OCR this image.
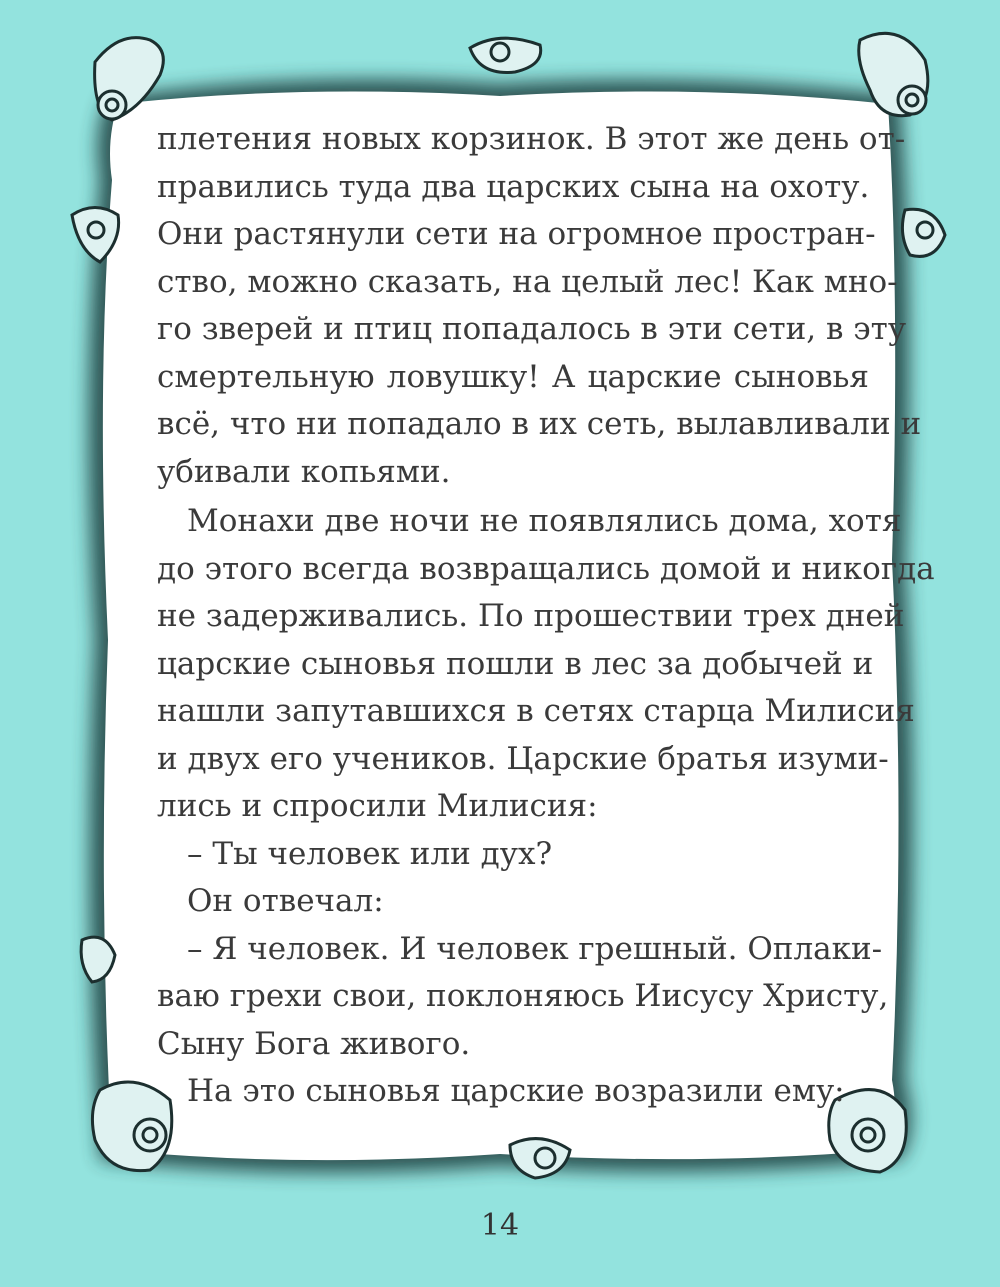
плетения новых корзинок. В этот же день от-
правились туда два царских сына на охоту.
Они растянули сети на огромное простран-
ство, можно сказать, на целый лес! Как мно-
го зверей и птиц попадалось в эти сети, в эту
смертельную ловушку! А царские сыновья
всё, что ни попадало в их сеть, вылавливали и
убивали копьями.
Монахи две ночи не появлялись дома, хотя
до этого всегда возвращались домой и никогда
не задерживались. По прошествии трех дней
царские сыновья пошли в лес за добычей и
нашли запутавшихся в сетях старца Милисия
и двух его учеников. Царские братья изуми-
лись и спросили Милисия:
– Ты человек или дух?
Он отвечал:
– Я человек. И человек грешный. Оплаки-
ваю грехи свои, поклоняюсь Иисусу Христу,
Сыну Бога живого.
На это сыновья царские возразили ему:
14
